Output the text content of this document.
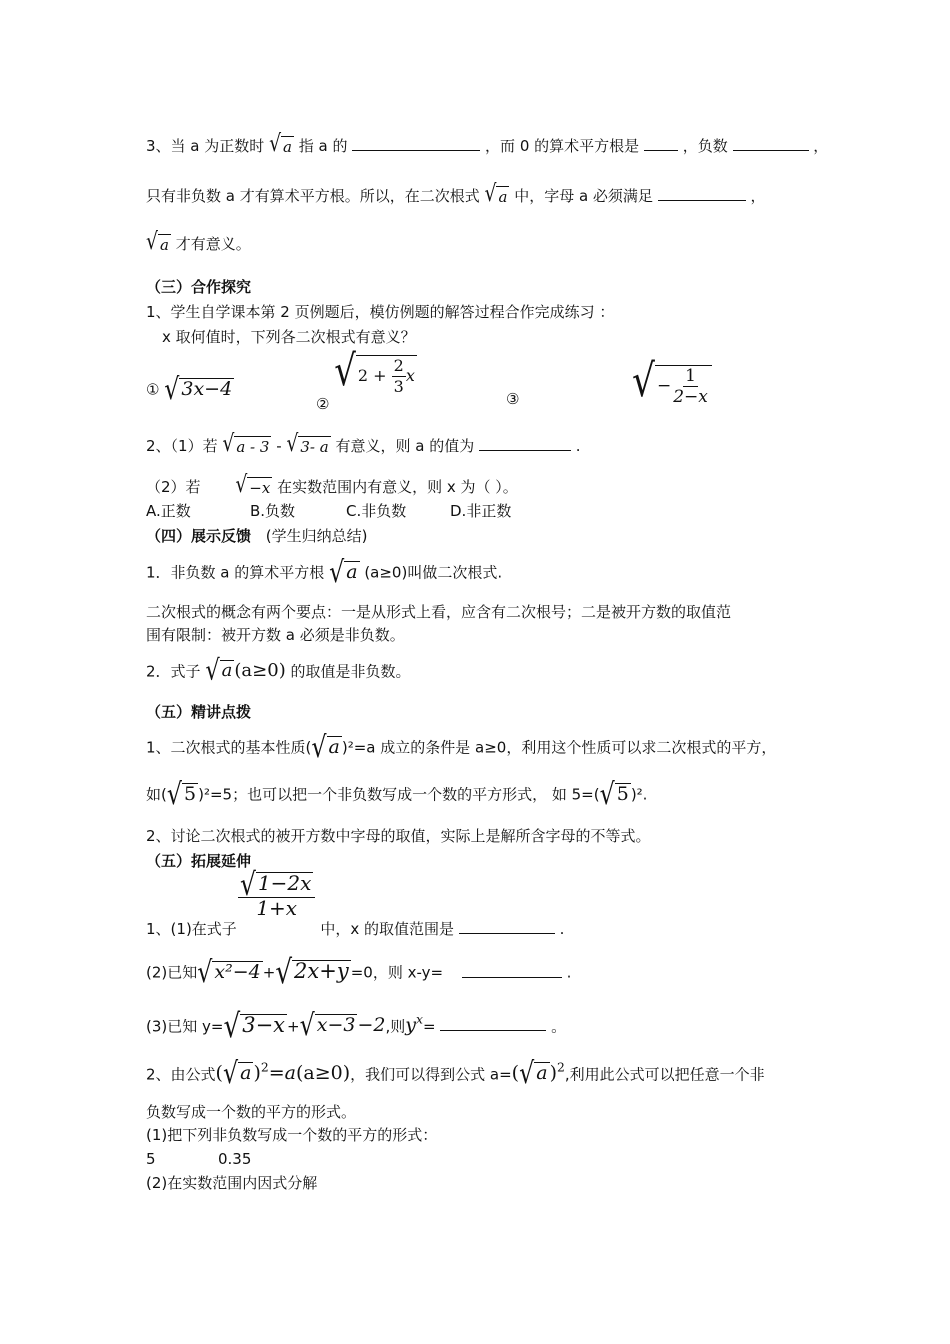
3、当 a 为正数时 √ a 指 a 的	，而 0 的算术平方根是	，负数	，
只有非负数 a 才有算术平方根。所以，在二次根式 √ a 中，字母 a 必须满足	，
√ a 才有意义。
（三）合作探究
1、学生自学课本第 2 页例题后，模仿例题的解答过程合作完成练习 ：
x 取何值时，下列各二次根式有意义？
① √ 3x−4
②
√ $2 + \frac{2}{3}$ x
③	√ − $\frac{1}{2-x}$
2、（1）若 √ a - 3 - √ 3- a 有意义，则 a 的值为	.
（2）若 √ −x 在实数范围内有意义，则 x 为（ ）。
A.正数	B.负数	C.非负数	D.非正数
（四）展示反馈 (学生归纳总结)
1．非负数 a 的算术平方根 √ a (a≥0)叫做二次根式.
二次根式的概念有两个要点：一是从形式上看，应含有二次根号；二是被开方数的取值范
围有限制：被开方数 a 必须是非负数。
2．式子 √ a (a≥0) 的取值是非负数。
（五）精讲点拨
1、二次根式的基本性质( √ a )²=a 成立的条件是 a≥0，利用这个性质可以求二次根式的平方，
如( √ 5 )²=5；也可以把一个非负数写成一个数的平方形式， 如 5=( √ 5 )².
2、讨论二次根式的被开方数中字母的取值，实际上是解所含字母的不等式。
（五）拓展延伸
$\frac{√ 1-2x}{1+x}$
1、(1)在式子	中，x 的取值范围是	.
(2)已知 √ x²−4 + √ 2x+y =0，则 x-y=	.
(3)已知 y= √ 3−x + √ x−3 −2,则$y^x=$	。
2、由公式( √ a )$^2$=a(a≥0)，我们可以得到公式 a=( √ a )$^2$,利用此公式可以把任意一个非
负数写成一个数的平方的形式。
(1)把下列非负数写成一个数的平方的形式：
5	0.35
(2)在实数范围内因式分解
